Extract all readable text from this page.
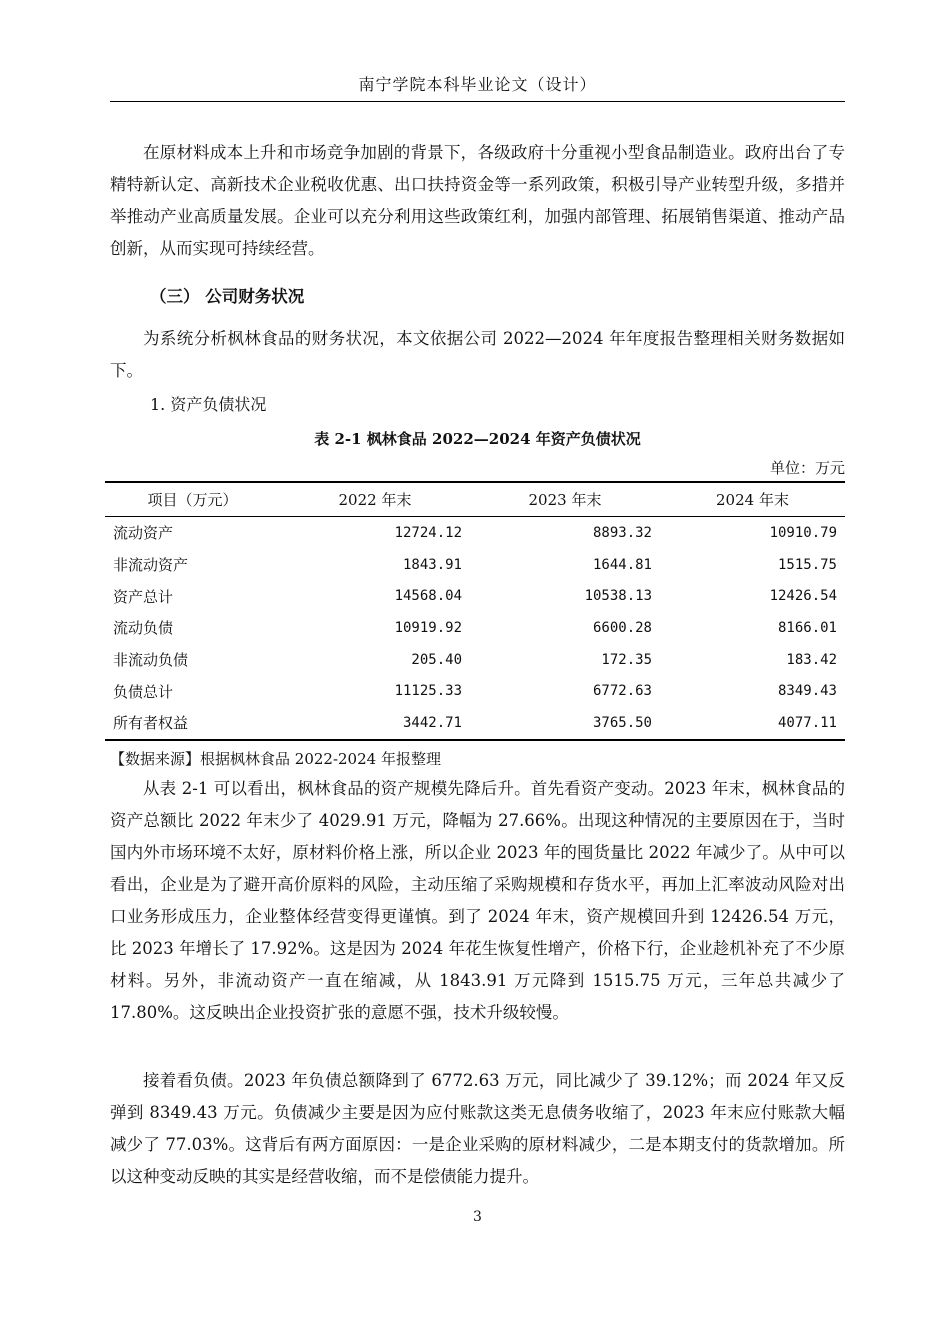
南宁学院本科毕业论文（设计）

在原材料成本上升和市场竞争加剧的背景下，各级政府十分重视小型食品制造业。政府出台了专精特新认定、高新技术企业税收优惠、出口扶持资金等一系列政策，积极引导产业转型升级，多措并举推动产业高质量发展。企业可以充分利用这些政策红利，加强内部管理、拓展销售渠道、推动产品创新，从而实现可持续经营。

（三） 公司财务状况

为系统分析枫林食品的财务状况，本文依据公司 2022—2024 年年度报告整理相关财务数据如下。

1. 资产负债状况
表 2-1 枫林食品 2022—2024 年资产负债状况
单位：万元
项目（万元）	2022 年末	2023 年末	2024 年末
流动资产	12724.12	8893.32	10910.79
非流动资产	1843.91	1644.81	1515.75
资产总计	14568.04	10538.13	12426.54
流动负债	10919.92	6600.28	8166.01
非流动负债	205.40	172.35	183.42
负债总计	11125.33	6772.63	8349.43
所有者权益	3442.71	3765.50	4077.11
【数据来源】根据枫林食品 2022-2024 年报整理

从表 2-1 可以看出，枫林食品的资产规模先降后升。首先看资产变动。2023 年末，枫林食品的资产总额比 2022 年末少了 4029.91 万元，降幅为 27.66%。出现这种情况的主要原因在于，当时国内外市场环境不太好，原材料价格上涨，所以企业 2023 年的囤货量比 2022 年减少了。从中可以看出，企业是为了避开高价原料的风险，主动压缩了采购规模和存货水平，再加上汇率波动风险对出口业务形成压力，企业整体经营变得更谨慎。到了 2024 年末，资产规模回升到 12426.54 万元，比 2023 年增长了 17.92%。这是因为 2024 年花生恢复性增产，价格下行，企业趁机补充了不少原材料。另外，非流动资产一直在缩减，从 1843.91 万元降到 1515.75 万元，三年总共减少了 17.80%。这反映出企业投资扩张的意愿不强，技术升级较慢。

接着看负债。2023 年负债总额降到了 6772.63 万元，同比减少了 39.12%；而 2024 年又反弹到 8349.43 万元。负债减少主要是因为应付账款这类无息债务收缩了，2023 年末应付账款大幅减少了 77.03%。这背后有两方面原因：一是企业采购的原材料减少，二是本期支付的货款增加。所以这种变动反映的其实是经营收缩，而不是偿债能力提升。

3
